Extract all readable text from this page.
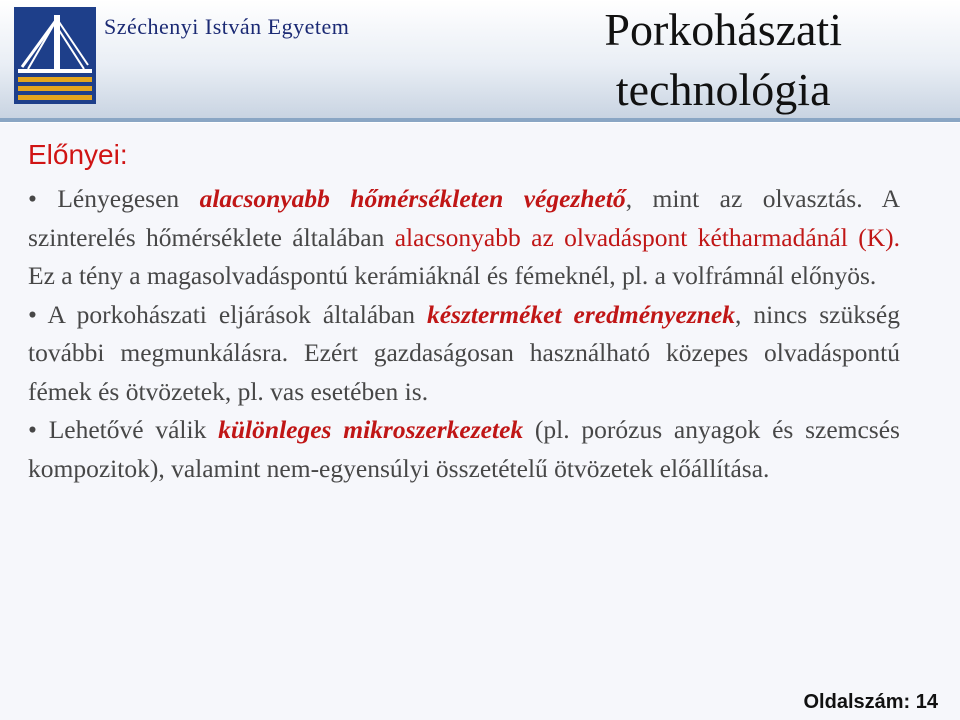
Széchenyi István Egyetem	Porkohászati
technológia
Előnyei:
• Lényegesen alacsonyabb hőmérsékleten végezhető, mint az olvasztás. A szinterelés hőmérséklete általában alacsonyabb az olvadáspont kétharmadánál (K). Ez a tény a magasolvadáspontú kerámiáknál és fémeknél, pl. a volfrámnál előnyös.
• A porkohászati eljárások általában készterméket eredményeznek, nincs szükség további megmunkálásra. Ezért gazdaságosan használható közepes olvadáspontú fémek és ötvözetek, pl. vas esetében is.
• Lehetővé válik különleges mikroszerkezetek (pl. porózus anyagok és szemcsés kompozitok), valamint nem-egyensúlyi összetételű ötvözetek előállítása.
Oldalszám: 14
